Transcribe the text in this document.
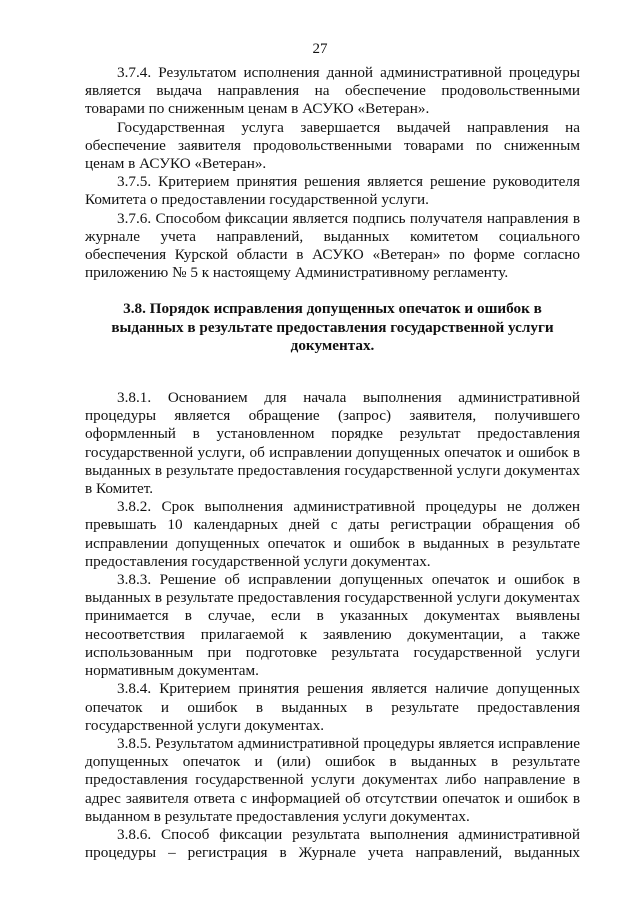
27

3.7.4. Результатом исполнения данной административной процедуры является выдача направления на обеспечение продовольственными товарами по сниженным ценам в АСУКО «Ветеран».

Государственная услуга завершается выдачей направления на обеспечение заявителя продовольственными товарами по сниженным ценам в АСУКО «Ветеран».

3.7.5. Критерием принятия решения является решение руководителя Комитета о предоставлении государственной услуги.

3.7.6. Способом фиксации является подпись получателя направления в журнале учета направлений, выданных комитетом социального обеспечения Курской области в АСУКО «Ветеран» по форме согласно приложению № 5 к настоящему Административному регламенту.

3.8. Порядок исправления допущенных опечаток и ошибок в выданных в результате предоставления государственной услуги документах.

3.8.1. Основанием для начала выполнения административной процедуры является обращение (запрос) заявителя, получившего оформленный в установленном порядке результат предоставления государственной услуги, об исправлении допущенных опечаток и ошибок в выданных в результате предоставления государственной услуги документах в Комитет.

3.8.2. Срок выполнения административной процедуры не должен превышать 10 календарных дней с даты регистрации обращения об исправлении допущенных опечаток и ошибок в выданных в результате предоставления государственной услуги документах.

3.8.3. Решение об исправлении допущенных опечаток и ошибок в выданных в результате предоставления государственной услуги документах принимается в случае, если в указанных документах выявлены несоответствия прилагаемой к заявлению документации, а также использованным при подготовке результата государственной услуги нормативным документам.

3.8.4. Критерием принятия решения является наличие допущенных опечаток и ошибок в выданных в результате предоставления государственной услуги документах.

3.8.5. Результатом административной процедуры является исправление допущенных опечаток и (или) ошибок в выданных в результате предоставления государственной услуги документах либо направление в адрес заявителя ответа с информацией об отсутствии опечаток и ошибок в выданном в результате предоставления услуги документах.

3.8.6. Способ фиксации результата выполнения административной процедуры – регистрация в Журнале учета направлений, выданных
